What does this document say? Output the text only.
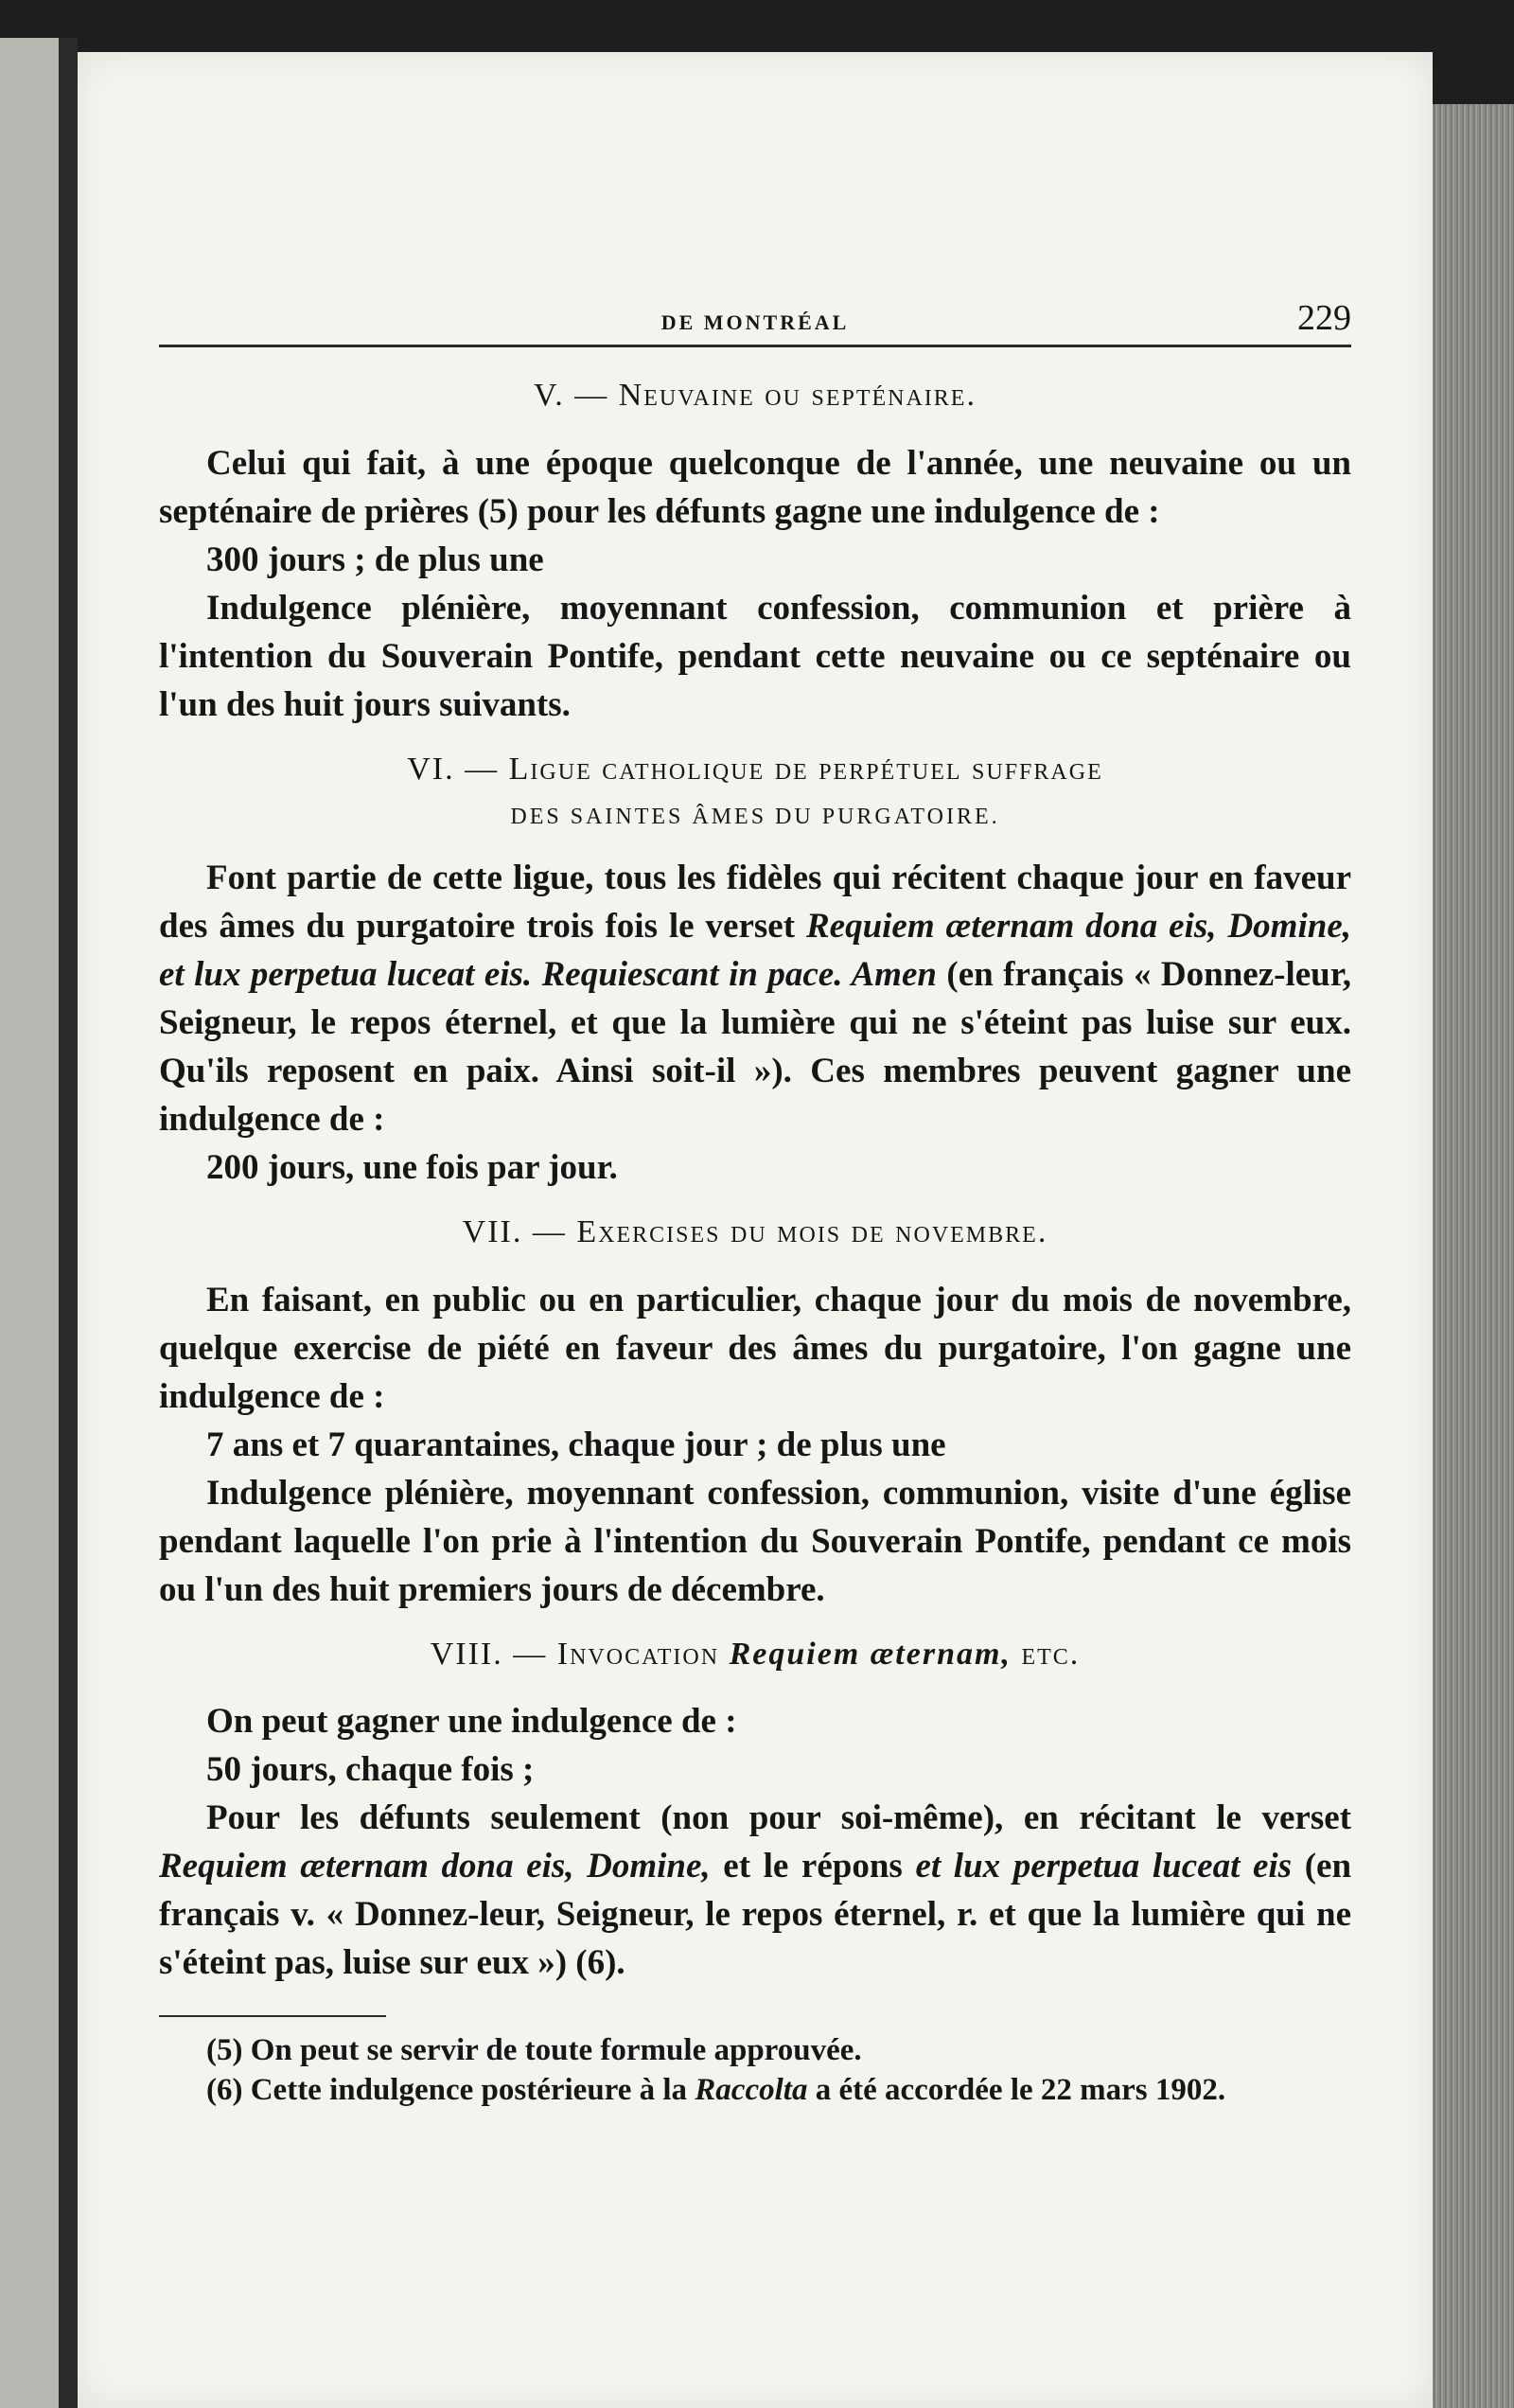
DE MONTRÉAL	229
V. — Neuvaine ou septénaire.

Celui qui fait, à une époque quelconque de l'année, une neuvaine ou un septénaire de prières (5) pour les défunts gagne une indulgence de :

300 jours ; de plus une

Indulgence plénière, moyennant confession, communion et prière à l'intention du Souverain Pontife, pendant cette neuvaine ou ce septénaire ou l'un des huit jours suivants.

VI. — Ligue catholique de perpétuel suffrage
DES SAINTES ÂMES DU PURGATOIRE.

Font partie de cette ligue, tous les fidèles qui récitent chaque jour en faveur des âmes du purgatoire trois fois le verset Requiem æternam dona eis, Domine, et lux perpetua luceat eis. Requiescant in pace. Amen (en français « Donnez-leur, Seigneur, le repos éternel, et que la lumière qui ne s'éteint pas luise sur eux. Qu'ils reposent en paix. Ainsi soit-il »). Ces membres peuvent gagner une indulgence de :

200 jours, une fois par jour.

VII. — Exercises du mois de novembre.

En faisant, en public ou en particulier, chaque jour du mois de novembre, quelque exercise de piété en faveur des âmes du purgatoire, l'on gagne une indulgence de :

7 ans et 7 quarantaines, chaque jour ; de plus une

Indulgence plénière, moyennant confession, communion, visite d'une église pendant laquelle l'on prie à l'intention du Souverain Pontife, pendant ce mois ou l'un des huit premiers jours de décembre.

VIII. — Invocation Requiem æternam, etc.

On peut gagner une indulgence de :

50 jours, chaque fois ;

Pour les défunts seulement (non pour soi-même), en récitant le verset Requiem æternam dona eis, Domine, et le répons et lux perpetua luceat eis (en français v. « Donnez-leur, Seigneur, le repos éternel, r. et que la lumière qui ne s'éteint pas, luise sur eux ») (6).

(5) On peut se servir de toute formule approuvée.
(6) Cette indulgence postérieure à la Raccolta a été accordée le 22 mars 1902.
